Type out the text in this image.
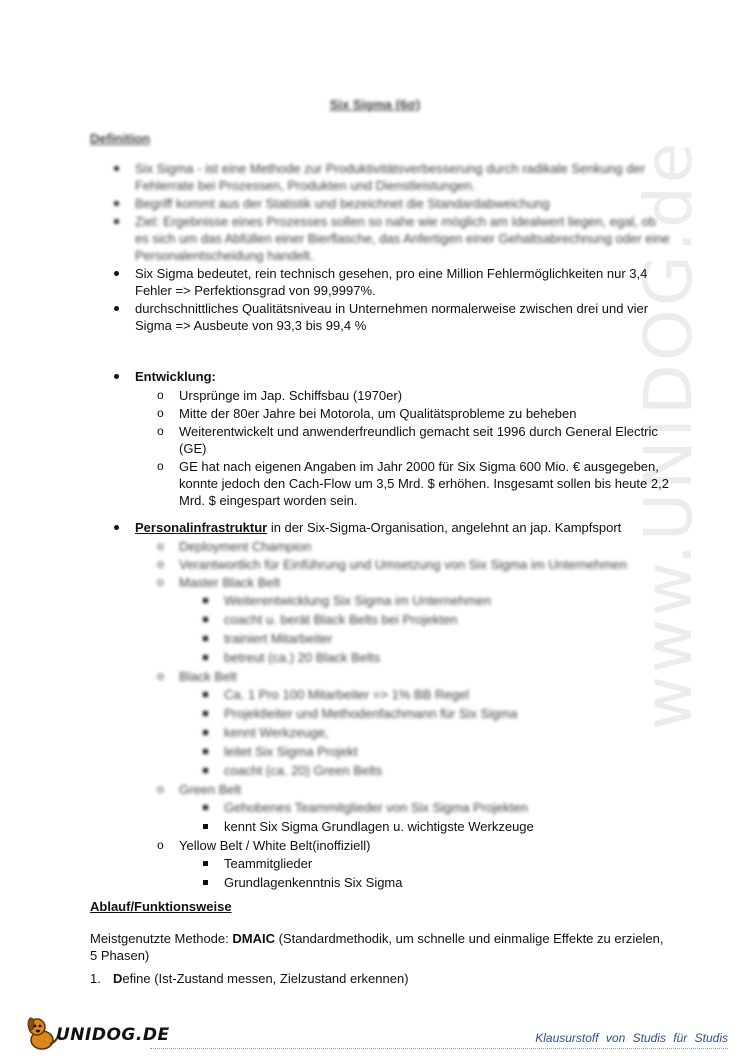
www.UNIDOG.de
Six Sigma (6σ)
Definition
Six Sigma - ist eine Methode zur Produktivitätsverbesserung durch radikale Senkung der Fehlerrate bei Prozessen, Produkten und Dienstleistungen.
Begriff kommt aus der Statistik und bezeichnet die Standardabweichung
Ziel: Ergebnisse eines Prozesses sollen so nahe wie möglich am Idealwert liegen, egal, ob es sich um das Abfüllen einer Bierflasche, das Anfertigen einer Gehaltsabrechnung oder eine Personalentscheidung handelt.
Six Sigma bedeutet, rein technisch gesehen, pro eine Million Fehlermöglichkeiten nur 3,4 Fehler => Perfektionsgrad von 99,9997%.
durchschnittliches Qualitätsniveau in Unternehmen normalerweise zwischen drei und vier Sigma => Ausbeute von 93,3 bis 99,4 %
Entwicklung:
o Ursprünge im Jap. Schiffsbau (1970er)
o Mitte der 80er Jahre bei Motorola, um Qualitätsprobleme zu beheben
o Weiterentwickelt und anwenderfreundlich gemacht seit 1996 durch General Electric (GE)
o GE hat nach eigenen Angaben im Jahr 2000 für Six Sigma 600 Mio. € ausgegeben, konnte jedoch den Cach-Flow um 3,5 Mrd. $ erhöhen. Insgesamt sollen bis heute 2,2 Mrd. $ eingespart worden sein.
Personalinfrastruktur in der Six-Sigma-Organisation, angelehnt an jap. Kampfsport
o Deployment Champion
o Verantwortlich für Einführung und Umsetzung von Six Sigma im Unternehmen
o Master Black Belt
Weiterentwicklung Six Sigma im Unternehmen
coacht u. berät Black Belts bei Projekten
trainiert Mitarbeiter
betreut (ca.) 20 Black Belts
o Black Belt
Ca. 1 Pro 100 Mitarbeiter => 1% BB Regel
Projektleiter und Methodenfachmann für Six Sigma
kennt Werkzeuge,
leitet Six Sigma Projekt
coacht (ca. 20) Green Belts
o Green Belt
Gehobenes Teammitglieder von Six Sigma Projekten
kennt Six Sigma Grundlagen u. wichtigste Werkzeuge
o Yellow Belt / White Belt(inoffiziell)
Teammitglieder
Grundlagenkenntnis Six Sigma
Ablauf/Funktionsweise
Meistgenutzte Methode: DMAIC (Standardmethodik, um schnelle und einmalige Effekte zu erzielen, 5 Phasen)
1. Define (Ist-Zustand messen, Zielzustand erkennen)
UNIDOG.DE	Klausurstoff von Studis für Studis
